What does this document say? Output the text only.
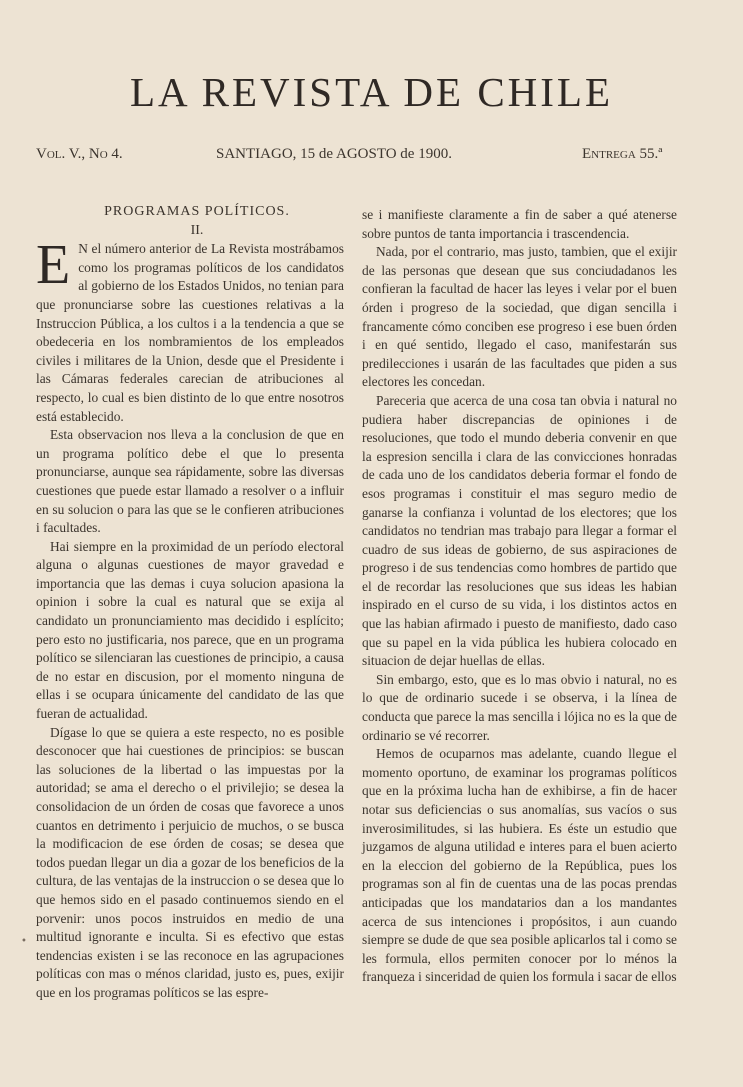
LA REVISTA DE CHILE
Vol. V., No 4.	SANTIAGO, 15 de AGOSTO de 1900.	Entrega 55.ª

PROGRAMAS POLÍTICOS.

II.

E N el número anterior de La Revista mostrábamos como los programas políticos de los candidatos al gobierno de los Estados Unidos, no tenian para que pronunciarse sobre las cuestiones relativas a la Instruccion Pública, a los cultos i a la tendencia a que se obedeceria en los nombramientos de los empleados civiles i militares de la Union, desde que el Presidente i las Cámaras federales carecian de atribuciones al respecto, lo cual es bien distinto de lo que entre nosotros está establecido.

Esta observacion nos lleva a la conclusion de que en un programa político debe el que lo presenta pronunciarse, aunque sea rápidamente, sobre las diversas cuestiones que puede estar llamado a resolver o a influir en su solucion o para las que se le confieren atribuciones i facultades.

Hai siempre en la proximidad de un período electoral alguna o algunas cuestiones de mayor gravedad e importancia que las demas i cuya solucion apasiona la opinion i sobre la cual es natural que se exija al candidato un pronunciamiento mas decidido i esplícito; pero esto no justificaria, nos parece, que en un programa político se silenciaran las cuestiones de principio, a causa de no estar en discusion, por el momento ninguna de ellas i se ocupara únicamente del candidato de las que fueran de actualidad.

Dígase lo que se quiera a este respecto, no es posible desconocer que hai cuestiones de principios: se buscan las soluciones de la libertad o las impuestas por la autoridad; se ama el derecho o el privilejio; se desea la consolidacion de un órden de cosas que favorece a unos cuantos en detrimento i perjuicio de muchos, o se busca la modificacion de ese órden de cosas; se desea que todos puedan llegar un dia a gozar de los beneficios de la cultura, de las ventajas de la instruccion o se desea que lo que hemos sido en el pasado continuemos siendo en el porvenir: unos pocos instruidos en medio de una multitud ignorante e inculta. Si es efectivo que estas tendencias existen i se las reconoce en las agrupaciones políticas con mas o ménos claridad, justo es, pues, exijir que en los programas políticos se las espre-

se i manifieste claramente a fin de saber a qué atenerse sobre puntos de tanta importancia i trascendencia.

Nada, por el contrario, mas justo, tambien, que el exijir de las personas que desean que sus conciudadanos les confieran la facultad de hacer las leyes i velar por el buen órden i progreso de la sociedad, que digan sencilla i francamente cómo conciben ese progreso i ese buen órden i en qué sentido, llegado el caso, manifestarán sus predilecciones i usarán de las facultades que piden a sus electores les concedan.

Pareceria que acerca de una cosa tan obvia i natural no pudiera haber discrepancias de opiniones i de resoluciones, que todo el mundo deberia convenir en que la espresion sencilla i clara de las convicciones honradas de cada uno de los candidatos deberia formar el fondo de esos programas i constituir el mas seguro medio de ganarse la confianza i voluntad de los electores; que los candidatos no tendrian mas trabajo para llegar a formar el cuadro de sus ideas de gobierno, de sus aspiraciones de progreso i de sus tendencias como hombres de partido que el de recordar las resoluciones que sus ideas les habian inspirado en el curso de su vida, i los distintos actos en que las habian afirmado i puesto de manifiesto, dado caso que su papel en la vida pública les hubiera colocado en situacion de dejar huellas de ellas.

Sin embargo, esto, que es lo mas obvio i natural, no es lo que de ordinario sucede i se observa, i la línea de conducta que parece la mas sencilla i lójica no es la que de ordinario se vé recorrer.

Hemos de ocuparnos mas adelante, cuando llegue el momento oportuno, de examinar los programas políticos que en la próxima lucha han de exhibirse, a fin de hacer notar sus deficiencias o sus anomalías, sus vacíos o sus inverosimilitudes, si las hubiera. Es éste un estudio que juzgamos de alguna utilidad e interes para el buen acierto en la eleccion del gobierno de la República, pues los programas son al fin de cuentas una de las pocas prendas anticipadas que los mandatarios dan a los mandantes acerca de sus intenciones i propósitos, i aun cuando siempre se dude de que sea posible aplicarlos tal i como se les formula, ellos permiten conocer por lo ménos la franqueza i sinceridad de quien los formula i sacar de ellos

•
